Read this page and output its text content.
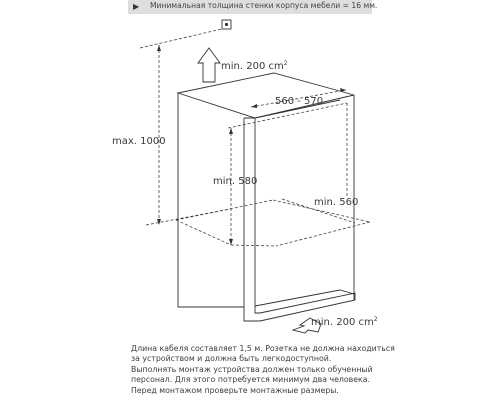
▶ Минимальная толщина стенки корпуса мебели = 16 мм.
min. 200 $cm^2$
560 - 570
max. 1000
min. 580
min. 560
min. 200 $cm^2$
Длина кабеля составляет 1,5 м. Розетка не должна находиться
за устройством и должна быть легкодоступной.
Выполнять монтаж устройства должен только обученный
персонал. Для этого потребуется минимум два человека.
Перед монтажом проверьте монтажные размеры.
